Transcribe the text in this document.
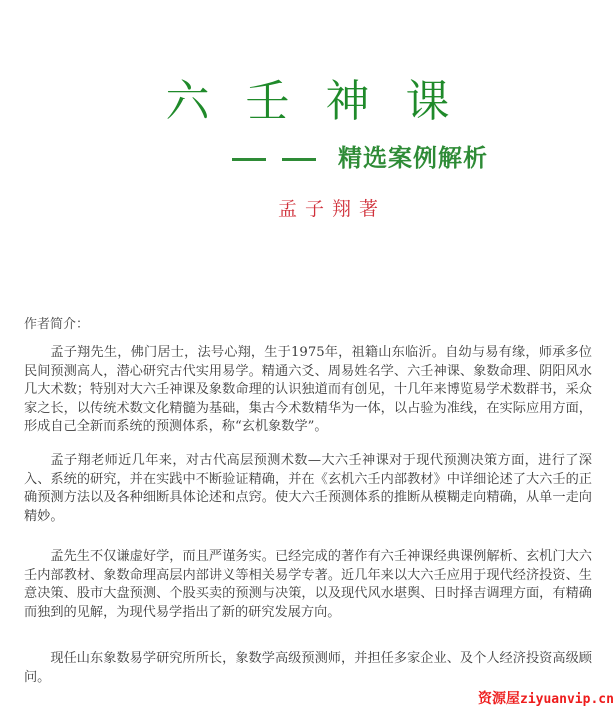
六 壬 神 课
精选案例解析
孟子翔著
作者简介：

孟子翔先生，佛门居士，法号心翔，生于1975年，祖籍山东临沂。自幼与易有缘，师承多位民间预测高人，潜心研究古代实用易学。精通六爻、周易姓名学、六壬神课、象数命理、阴阳风水几大术数；特别对大六壬神课及象数命理的认识独道而有创见，十几年来博览易学术数群书，采众家之长，以传统术数文化精髓为基础，集古今术数精华为一体，以占验为准线，在实际应用方面，形成自己全新而系统的预测体系，称“玄机象数学”。

孟子翔老师近几年来，对古代高层预测术数—大六壬神课对于现代预测决策方面，进行了深入、系统的研究，并在实践中不断验证精确，并在《玄机六壬内部教材》中详细论述了大六壬的正确预测方法以及各种细断具体论述和点窍。使大六壬预测体系的推断从模糊走向精确，从单一走向精妙。

孟先生不仅谦虚好学，而且严谨务实。已经完成的著作有六壬神课经典课例解析、玄机门大六壬内部教材、象数命理高层内部讲义等相关易学专著。近几年来以大六壬应用于现代经济投资、生意决策、股市大盘预测、个股买卖的预测与决策，以及现代风水堪舆、日时择吉调理方面，有精确而独到的见解，为现代易学指出了新的研究发展方向。

现任山东象数易学研究所所长，象数学高级预测师，并担任多家企业、及个人经济投资高级顾问。

资源屋ziyuanvip.cn
